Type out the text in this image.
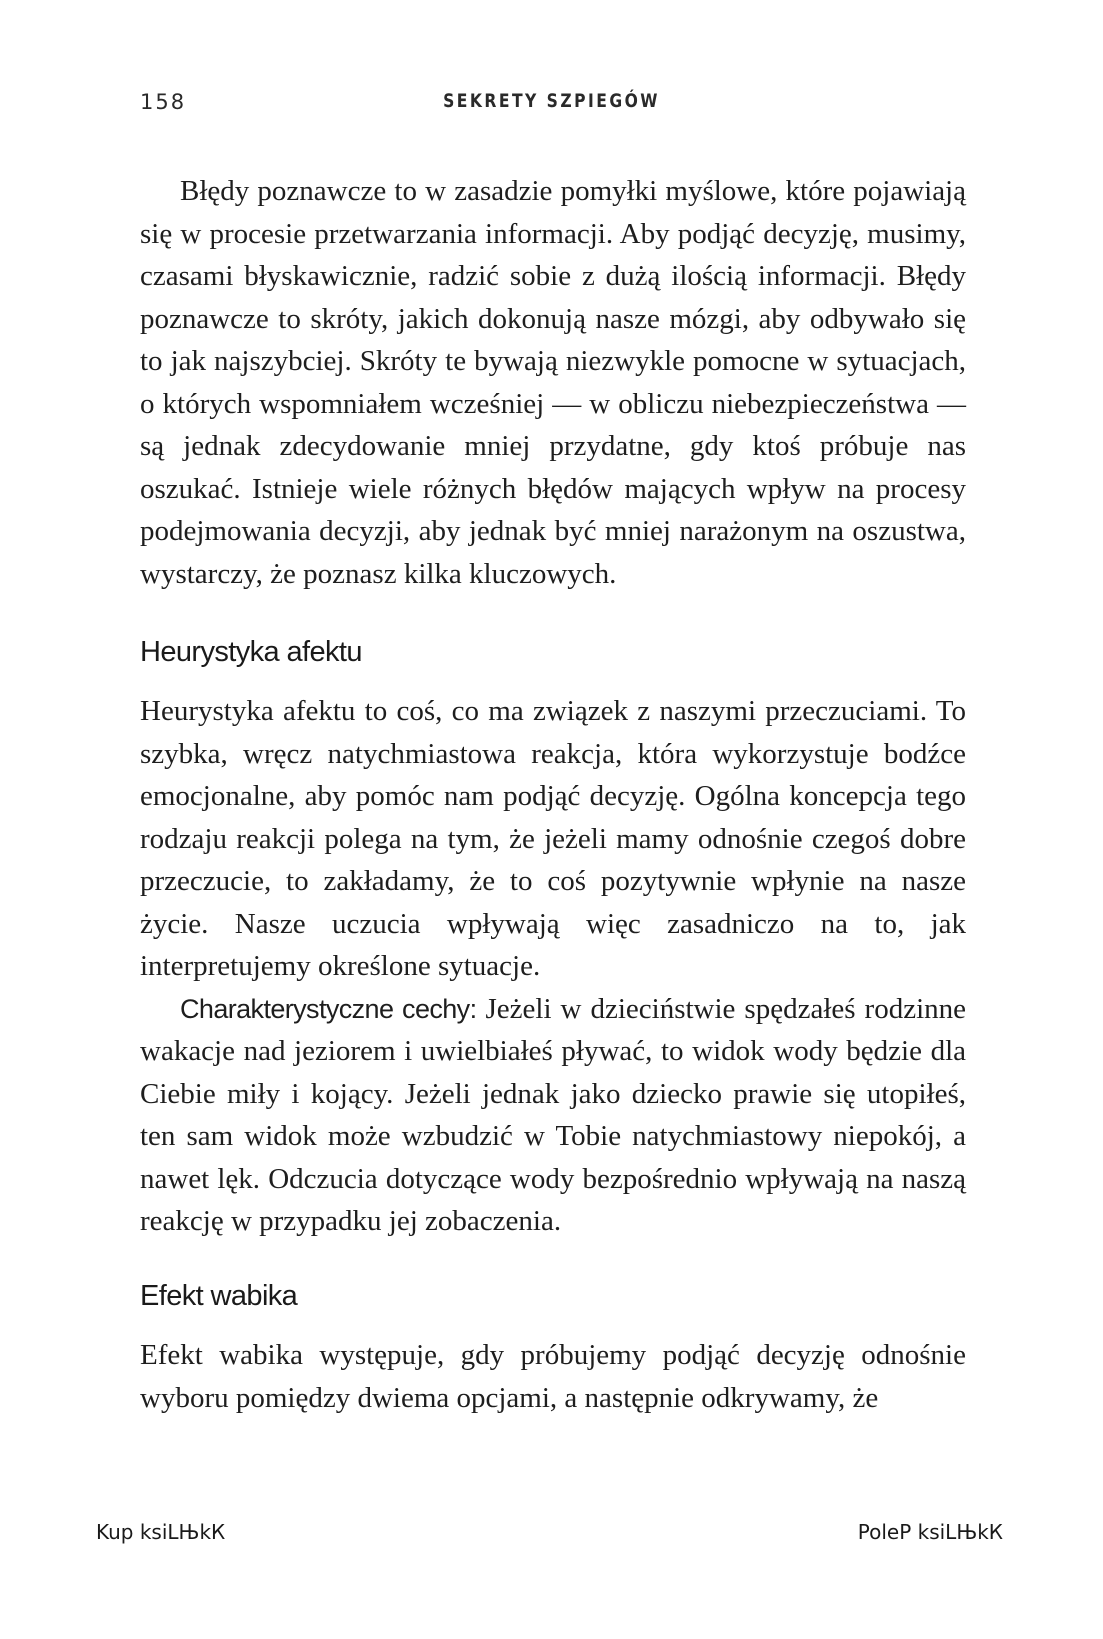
158	SEKRETY SZPIEGÓW

Błędy poznawcze to w zasadzie pomyłki myślowe, które pojawiają się w procesie przetwarzania informacji. Aby podjąć decyzję, musimy, czasami błyskawicznie, radzić sobie z dużą ilością informacji. Błędy poznawcze to skróty, jakich dokonują nasze mózgi, aby odbywało się to jak najszybciej. Skróty te bywają niezwykle pomocne w sytuacjach, o których wspomniałem wcześniej — w obliczu niebezpieczeństwa — są jednak zdecydowanie mniej przydatne, gdy ktoś próbuje nas oszukać. Istnieje wiele różnych błędów mających wpływ na procesy podejmowania decyzji, aby jednak być mniej narażonym na oszustwa, wystarczy, że poznasz kilka kluczowych.

Heurystyka afektu

Heurystyka afektu to coś, co ma związek z naszymi przeczuciami. To szybka, wręcz natychmiastowa reakcja, która wykorzystuje bodźce emocjonalne, aby pomóc nam podjąć decyzję. Ogólna koncepcja tego rodzaju reakcji polega na tym, że jeżeli mamy odnośnie czegoś dobre przeczucie, to zakładamy, że to coś pozytywnie wpłynie na nasze życie. Nasze uczucia wpływają więc zasadniczo na to, jak interpretujemy określone sytuacje.

Charakterystyczne cechy: Jeżeli w dzieciństwie spędzałeś rodzinne wakacje nad jeziorem i uwielbiałeś pływać, to widok wody będzie dla Ciebie miły i kojący. Jeżeli jednak jako dziecko prawie się utopiłeś, ten sam widok może wzbudzić w Tobie natychmiastowy niepokój, a nawet lęk. Odczucia dotyczące wody bezpośrednio wpływają na naszą reakcję w przypadku jej zobaczenia.

Efekt wabika

Efekt wabika występuje, gdy próbujemy podjąć decyzję odnośnie wyboru pomiędzy dwiema opcjami, a następnie odkrywamy, że

Kup ksiLЊkК	PoleР ksiLЊkК
